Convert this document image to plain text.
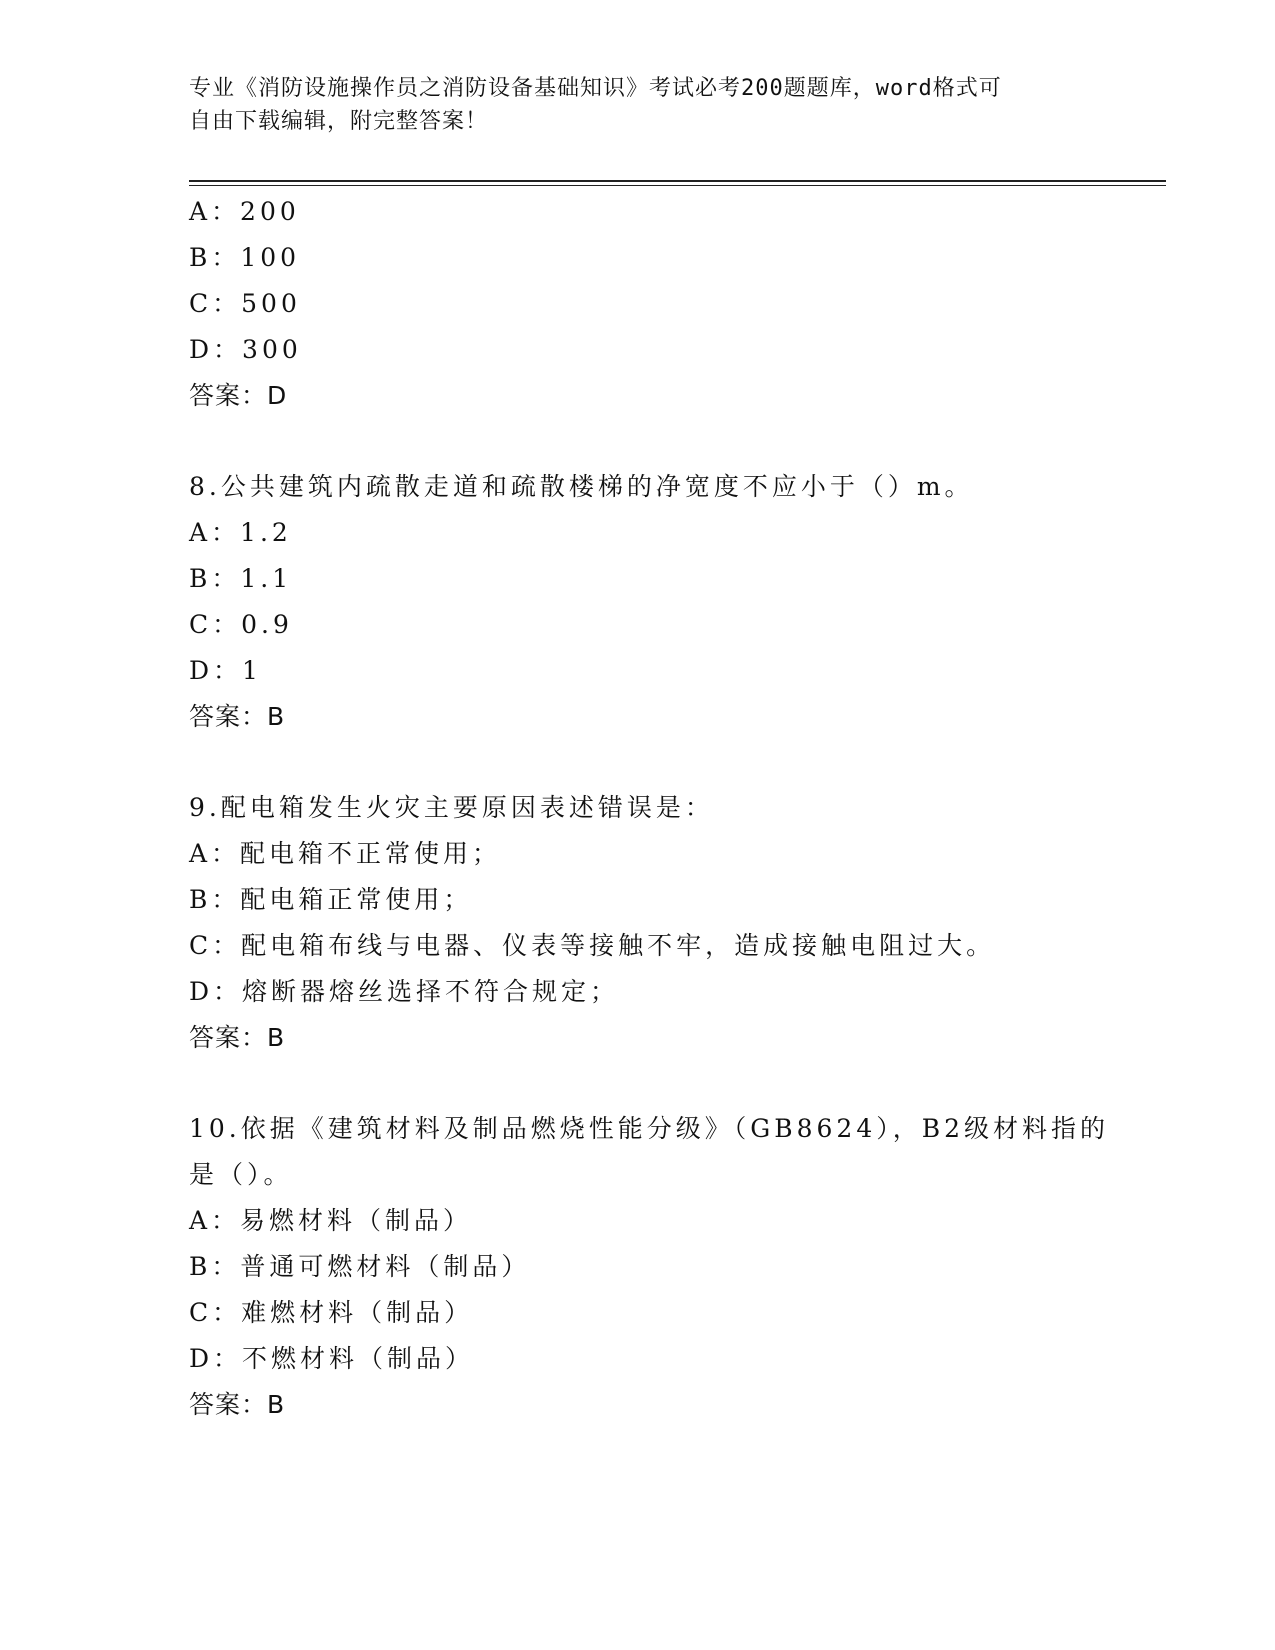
专业《消防设施操作员之消防设备基础知识》考试必考200题题库，word格式可
自由下载编辑，附完整答案！
A：200
B：100
C：500
D：300
答案：D
8.公共建筑内疏散走道和疏散楼梯的净宽度不应小于（）m。
A：1.2
B：1.1
C：0.9
D：1
答案：B
9.配电箱发生火灾主要原因表述错误是：
A：配电箱不正常使用；
B：配电箱正常使用；
C：配电箱布线与电器、仪表等接触不牢，造成接触电阻过大。
D：熔断器熔丝选择不符合规定；
答案：B
10.依据《建筑材料及制品燃烧性能分级》（GB8624），B2级材料指的
是（）。
A：易燃材料（制品）
B：普通可燃材料（制品）
C：难燃材料（制品）
D：不燃材料（制品）
答案：B
